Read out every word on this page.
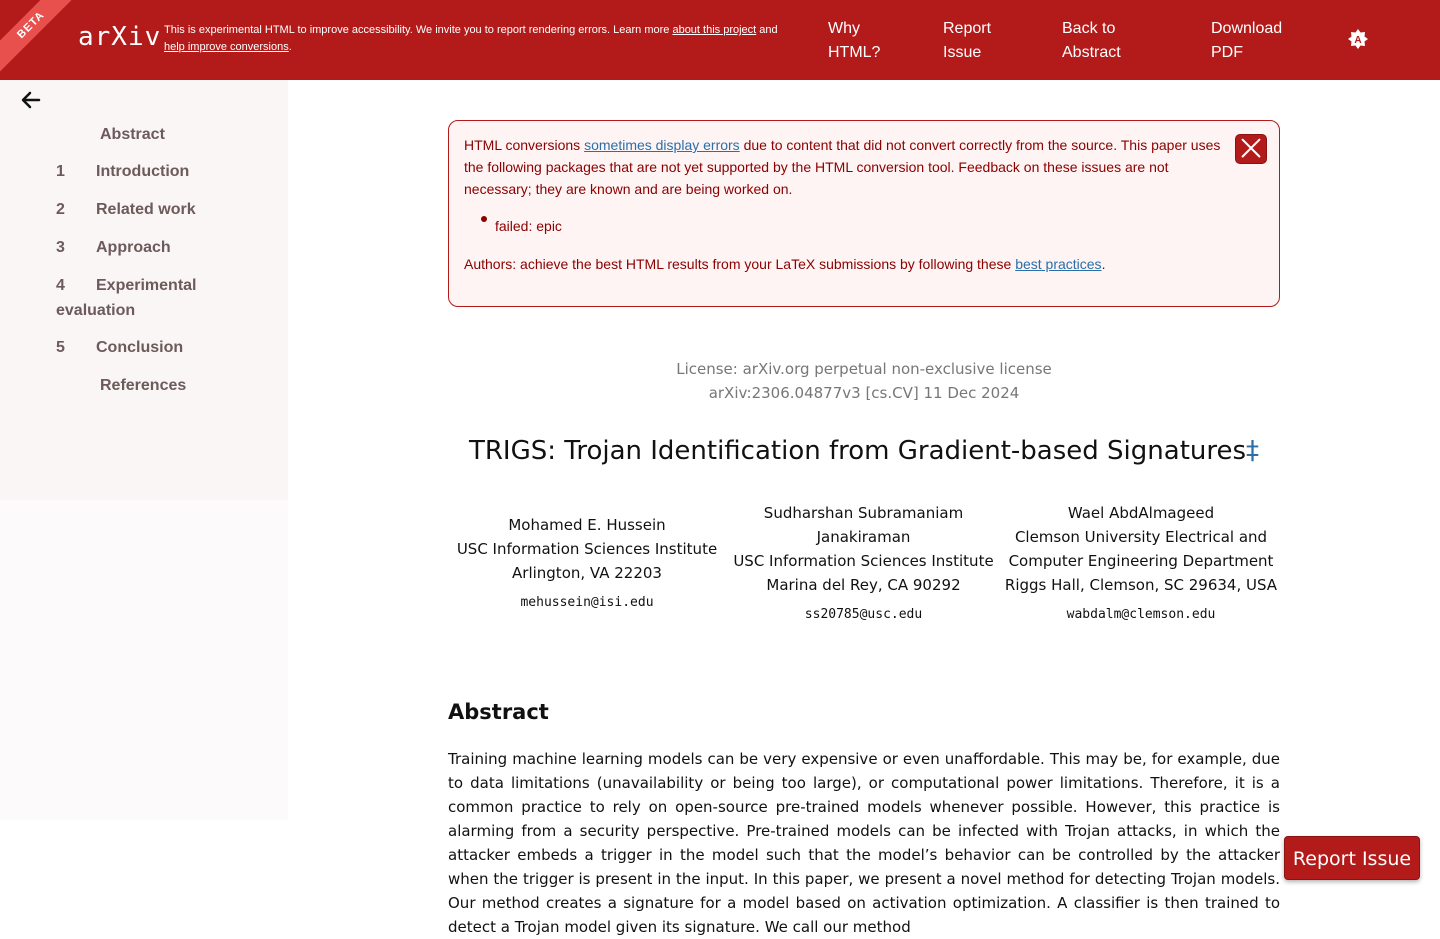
BETA	arXiv This is experimental HTML to improve accessibility. We invite you to report rendering errors. Learn more about this project and
help improve conversions.
Why HTML?
Report Issue
Back to Abstract
Download PDF
A
Abstract
1 Introduction
2 Related work
3 Approach
4 Experimental
evaluation
5 Conclusion
References

HTML conversions sometimes display errors due to content that did not convert correctly from the source. This paper uses the following packages that are not yet supported by the HTML conversion tool. Feedback on these issues are not necessary; they are known and are being worked on.

failed: epic

Authors: achieve the best HTML results from your LaTeX submissions by following these best practices.

License: arXiv.org perpetual non-exclusive license
arXiv:2306.04877v3 [cs.CV] 11 Dec 2024
TRIGS: Trojan Identification from Gradient-based Signatures‡
Mohamed E. Hussein
USC Information Sciences Institute
Arlington, VA 22203
mehussein@isi.edu
Sudharshan Subramaniam
Janakiraman
USC Information Sciences Institute
Marina del Rey, CA 90292
ss20785@usc.edu
Wael AbdAlmageed
Clemson University Electrical and
Computer Engineering Department
Riggs Hall, Clemson, SC 29634, USA
wabdalm@clemson.edu
Abstract
Training machine learning models can be very expensive or even unaffordable. This may be, for example, due to data limitations (unavailability or being too large), or computational power limitations. Therefore, it is a common practice to rely on open-source pre-trained models whenever possible. However, this practice is alarming from a security perspective. Pre-trained models can be infected with Trojan attacks, in which the attacker embeds a trigger in the model such that the model’s behavior can be controlled by the attacker when the trigger is present in the input. In this paper, we present a novel method for detecting Trojan models. Our method creates a signature for a model based on activation optimization. A classifier is then trained to detect a Trojan model given its signature. We call our method
Report Issue
